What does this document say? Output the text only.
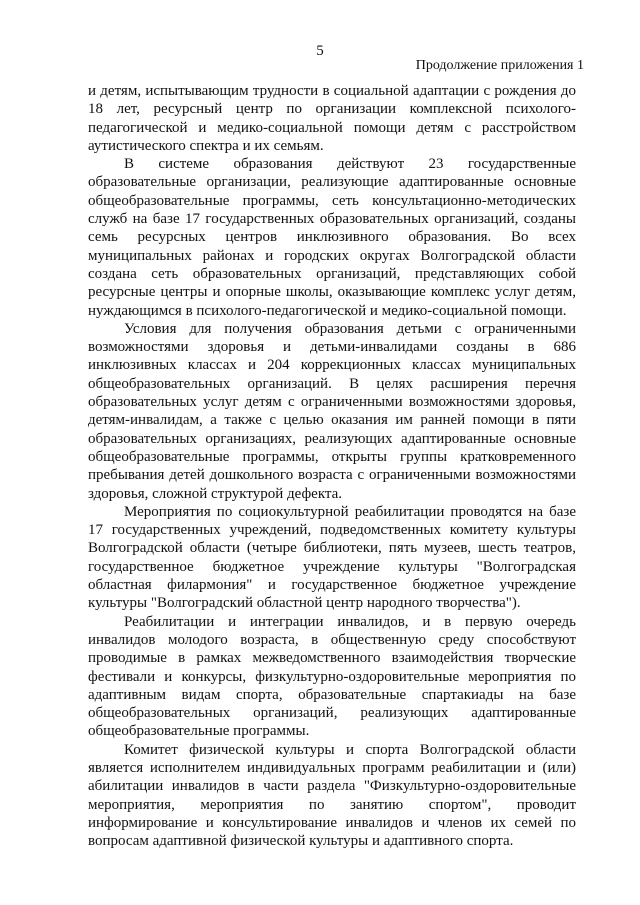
5
Продолжение приложения 1

и детям, испытывающим трудности в социальной адаптации с рождения до 18 лет, ресурсный центр по организации комплексной психолого-педагогической и медико-социальной помощи детям с расстройством аутистического спектра и их семьям.

В системе образования действуют 23 государственные образовательные организации, реализующие адаптированные основные общеобразовательные программы, сеть консультационно-методических служб на базе 17 государственных образовательных организаций, созданы семь ресурсных центров инклюзивного образования. Во всех муниципальных районах и городских округах Волгоградской области создана сеть образовательных организаций, представляющих собой ресурсные центры и опорные школы, оказывающие комплекс услуг детям, нуждающимся в психолого-педагогической и медико-социальной помощи.

Условия для получения образования детьми с ограниченными возможностями здоровья и детьми-инвалидами созданы в 686 инклюзивных классах и 204 коррекционных классах муниципальных общеобразовательных организаций. В целях расширения перечня образовательных услуг детям с ограниченными возможностями здоровья, детям-инвалидам, а также с целью оказания им ранней помощи в пяти образовательных организациях, реализующих адаптированные основные общеобразовательные программы, открыты группы кратковременного пребывания детей дошкольного возраста с ограниченными возможностями здоровья, сложной структурой дефекта.

Мероприятия по социокультурной реабилитации проводятся на базе 17 государственных учреждений, подведомственных комитету культуры Волгоградской области (четыре библиотеки, пять музеев, шесть театров, государственное бюджетное учреждение культуры "Волгоградская областная филармония" и государственное бюджетное учреждение культуры "Волгоградский областной центр народного творчества").

Реабилитации и интеграции инвалидов, и в первую очередь инвалидов молодого возраста, в общественную среду способствуют проводимые в рамках межведомственного взаимодействия творческие фестивали и конкурсы, физкультурно-оздоровительные мероприятия по адаптивным видам спорта, образовательные спартакиады на базе общеобразовательных организаций, реализующих адаптированные общеобразовательные программы.

Комитет физической культуры и спорта Волгоградской области является исполнителем индивидуальных программ реабилитации и (или) абилитации инвалидов в части раздела "Физкультурно-оздоровительные мероприятия, мероприятия по занятию спортом", проводит информирование и консультирование инвалидов и членов их семей по вопросам адаптивной физической культуры и адаптивного спорта.
